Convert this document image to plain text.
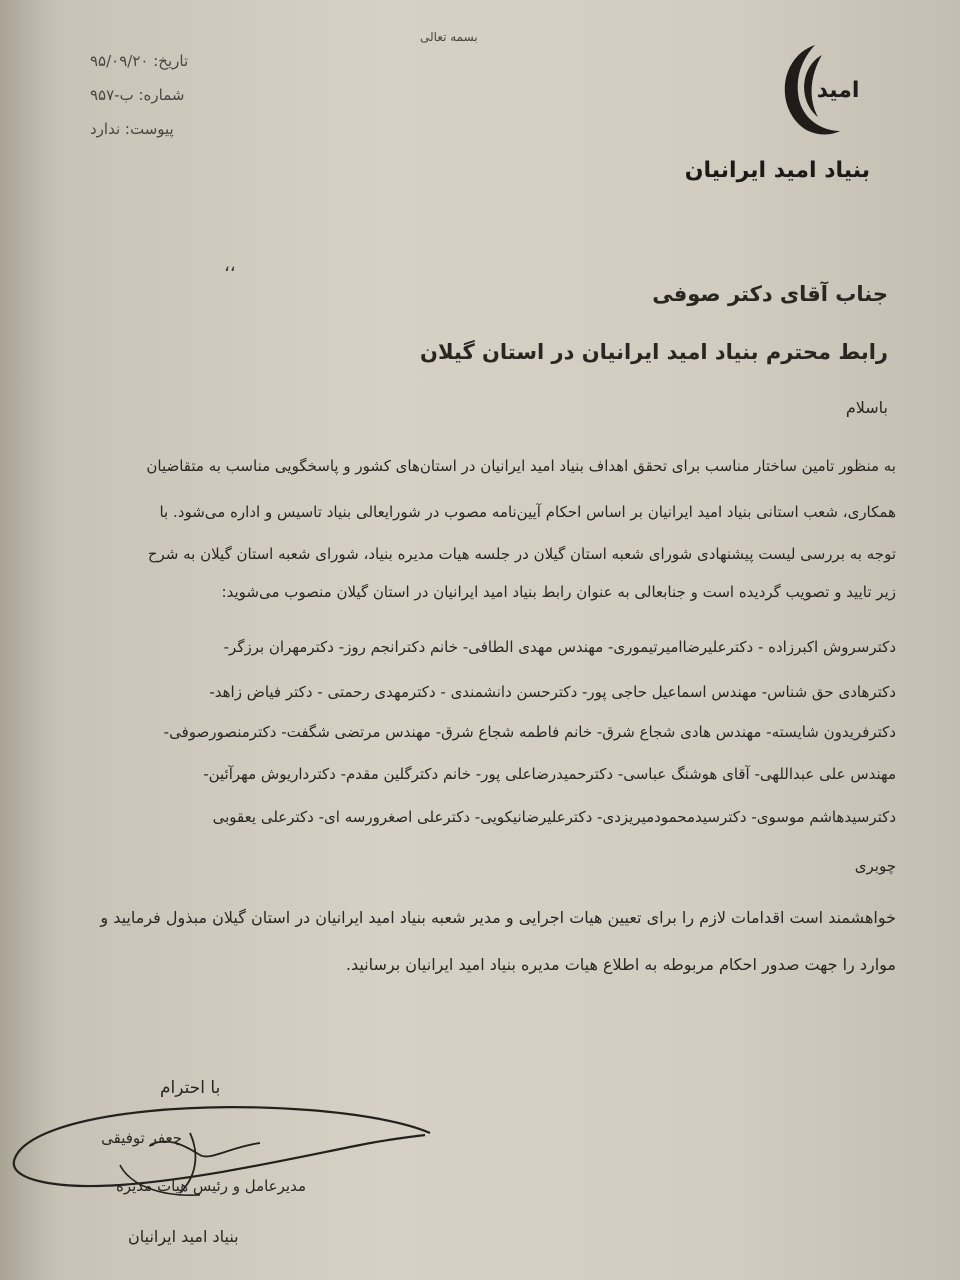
بسمه تعالی
تاریخ: ۹۵/۰۹/۲۰
شماره: ب-۹۵۷
پیوست: ندارد
امید
بنیاد امید ایرانیان
،،
جناب آقای دکتر صوفی
رابط محترم بنیاد امید ایرانیان در استان گیلان
باسلام
به منظور تامین ساختار مناسب برای تحقق اهداف بنیاد امید ایرانیان در استان‌های کشور و پاسخگویی مناسب به متقاضیان
همکاری، شعب استانی بنیاد امید ایرانیان بر اساس احکام آیین‌نامه مصوب در شورایعالی بنیاد تاسیس و اداره می‌شود. با
توجه به بررسی لیست پیشنهادی شورای شعبه استان گیلان در جلسه هیات مدیره بنیاد، شورای شعبه استان گیلان به شرح
زیر تایید و تصویب گردیده است و جنابعالی به عنوان رابط بنیاد امید ایرانیان در استان گیلان منصوب می‌شوید:
دکترسروش اکبرزاده - دکترعلیرضاامیرتیموری- مهندس مهدی الطافی- خانم دکترانجم روز- دکترمهران برزگر-
دکترهادی حق شناس- مهندس اسماعیل حاجی پور- دکترحسن دانشمندی - دکترمهدی رحمتی - دکتر فیاض زاهد-
دکترفریدون شایسته- مهندس هادی شجاع شرق- خانم فاطمه شجاع شرق- مهندس مرتضی شگفت- دکترمنصورصوفی-
مهندس علی عبداللهی- آقای هوشنگ عباسی- دکترحمیدرضاعلی پور- خانم دکترگلین مقدم- دکترداریوش مهرآئین-
دکترسیدهاشم موسوی- دکترسید‌محمودمیریزدی- دکترعلیرضانیکویی- دکترعلی اصغرورسه ای- دکترعلی یعقوبی
چوبری
خواهشمند است اقدامات لازم را برای تعیین هیات اجرایی و مدیر شعبه بنیاد امید ایرانیان در استان گیلان مبذول فرمایید و
موارد را جهت صدور احکام مربوطه به اطلاع هیات مدیره بنیاد امید ایرانیان برسانید.
با احترام
جعفر توفیقی
مدیرعامل و رئیس هیات مدیره
بنیاد امید ایرانیان
